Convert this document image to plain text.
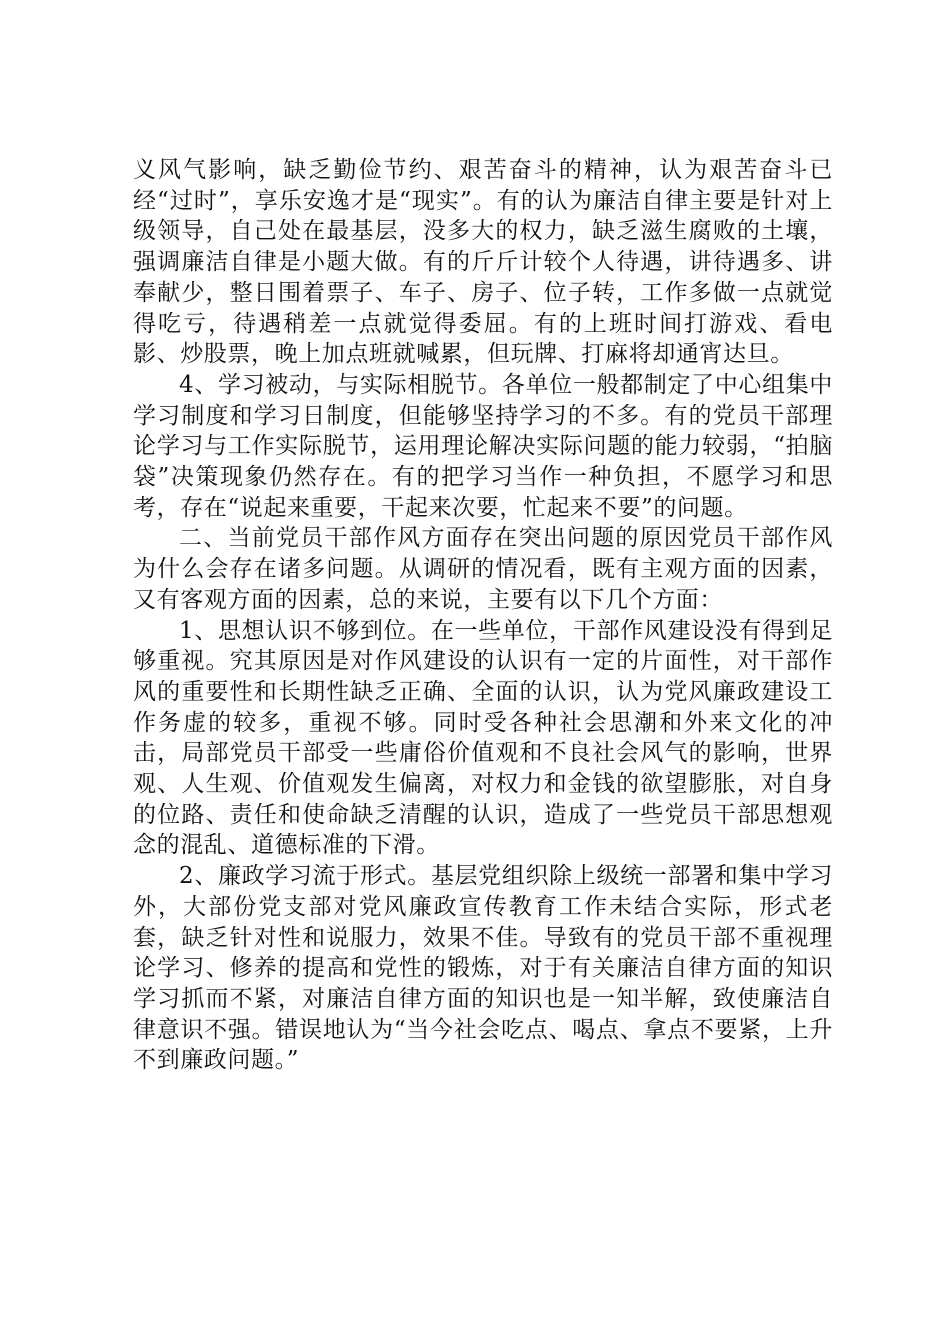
义风气影响，缺乏勤俭节约、艰苦奋斗的精神，认为艰苦奋斗已经“过时”，享乐安逸才是“现实”。有的认为廉洁自律主要是针对上级领导，自己处在最基层，没多大的权力，缺乏滋生腐败的土壤，强调廉洁自律是小题大做。有的斤斤计较个人待遇，讲待遇多、讲奉献少，整日围着票子、车子、房子、位子转，工作多做一点就觉得吃亏，待遇稍差一点就觉得委屈。有的上班时间打游戏、看电影、炒股票，晚上加点班就喊累，但玩牌、打麻将却通宵达旦。

4、学习被动，与实际相脱节。各单位一般都制定了中心组集中学习制度和学习日制度，但能够坚持学习的不多。有的党员干部理论学习与工作实际脱节，运用理论解决实际问题的能力较弱，“拍脑袋”决策现象仍然存在。有的把学习当作一种负担，不愿学习和思考，存在“说起来重要，干起来次要，忙起来不要”的问题。

二、当前党员干部作风方面存在突出问题的原因党员干部作风为什么会存在诸多问题。从调研的情况看，既有主观方面的因素，又有客观方面的因素，总的来说，主要有以下几个方面：

1、思想认识不够到位。在一些单位，干部作风建设没有得到足够重视。究其原因是对作风建设的认识有一定的片面性，对干部作风的重要性和长期性缺乏正确、全面的认识，认为党风廉政建设工作务虚的较多，重视不够。同时受各种社会思潮和外来文化的冲击，局部党员干部受一些庸俗价值观和不良社会风气的影响，世界观、人生观、价值观发生偏离，对权力和金钱的欲望膨胀，对自身的位路、责任和使命缺乏清醒的认识，造成了一些党员干部思想观念的混乱、道德标准的下滑。

2、廉政学习流于形式。基层党组织除上级统一部署和集中学习外，大部份党支部对党风廉政宣传教育工作未结合实际，形式老套，缺乏针对性和说服力，效果不佳。导致有的党员干部不重视理论学习、修养的提高和党性的锻炼，对于有关廉洁自律方面的知识学习抓而不紧，对廉洁自律方面的知识也是一知半解，致使廉洁自律意识不强。错误地认为“当今社会吃点、喝点、拿点不要紧，上升不到廉政问题。”
